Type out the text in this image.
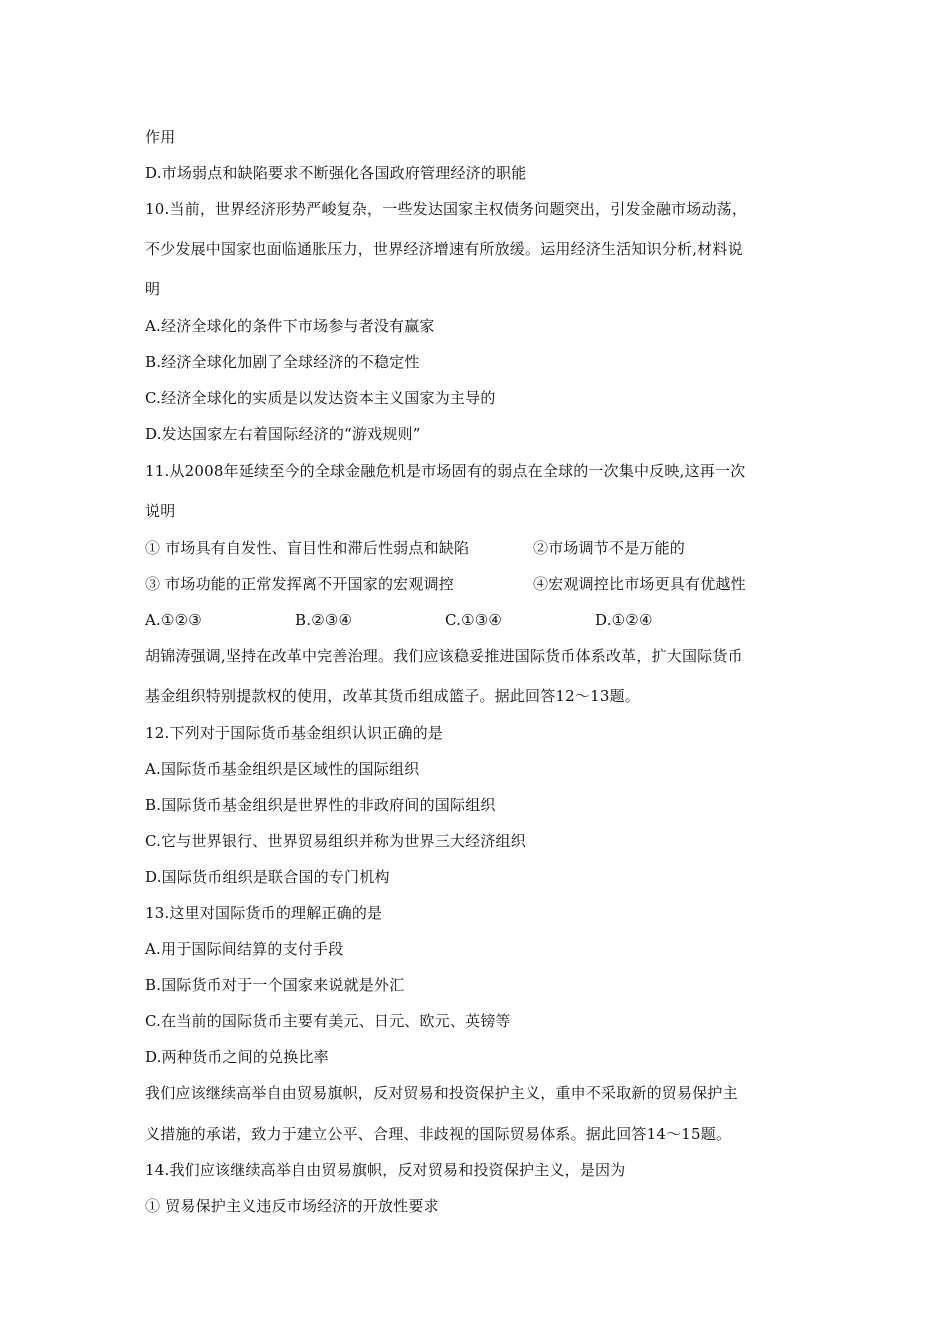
作用
D.市场弱点和缺陷要求不断强化各国政府管理经济的职能
10.当前，世界经济形势严峻复杂，一些发达国家主权债务问题突出，引发金融市场动荡，
不少发展中国家也面临通胀压力，世界经济增速有所放缓。运用经济生活知识分析,材料说
明
A.经济全球化的条件下市场参与者没有赢家
B.经济全球化加剧了全球经济的不稳定性
C.经济全球化的实质是以发达资本主义国家为主导的
D.发达国家左右着国际经济的“游戏规则”
11.从2008年延续至今的全球金融危机是市场固有的弱点在全球的一次集中反映,这再一次
说明
① 市场具有自发性、盲目性和滞后性弱点和缺陷	②市场调节不是万能的
③ 市场功能的正常发挥离不开国家的宏观调控	④宏观调控比市场更具有优越性
A.①②③	B.②③④	C.①③④	D.①②④
胡锦涛强调,坚持在改革中完善治理。我们应该稳妥推进国际货币体系改革，扩大国际货币
基金组织特别提款权的使用，改革其货币组成篮子。据此回答12～13题。
12.下列对于国际货币基金组织认识正确的是
A.国际货币基金组织是区域性的国际组织
B.国际货币基金组织是世界性的非政府间的国际组织
C.它与世界银行、世界贸易组织并称为世界三大经济组织
D.国际货币组织是联合国的专门机构
13.这里对国际货币的理解正确的是
A.用于国际间结算的支付手段
B.国际货币对于一个国家来说就是外汇
C.在当前的国际货币主要有美元、日元、欧元、英镑等
D.两种货币之间的兑换比率
我们应该继续高举自由贸易旗帜，反对贸易和投资保护主义，重申不采取新的贸易保护主
义措施的承诺，致力于建立公平、合理、非歧视的国际贸易体系。据此回答14～15题。
14.我们应该继续高举自由贸易旗帜，反对贸易和投资保护主义，是因为
① 贸易保护主义违反市场经济的开放性要求
